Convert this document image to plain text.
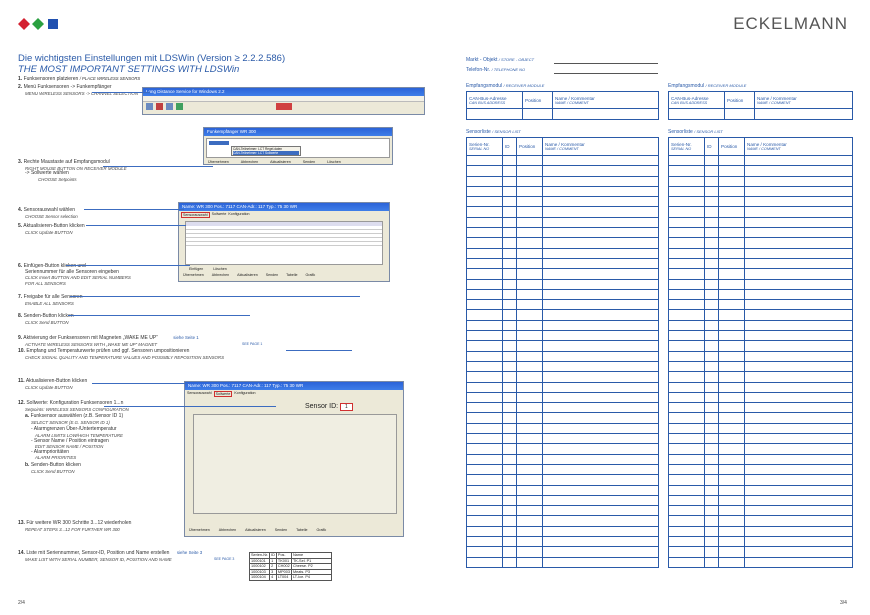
ECKELMANN
Die wichtigsten Einstellungen mit LDSWin (Version ≥ 2.2.2.586)
THE MOST IMPORTANT SETTINGS WITH LDSWin
1. Funksensoren platzieren / PLACE WIRELESS SENSORS
2. Menü Funksensoren -> Funkempfänger
MENU WIRELESS SENSORS -> CHANNEL SELECTION
3. Rechte Maustaste auf Empfangsmodul
RIGHT MOUSE BUTTON ON RECEIVER MODULE
-> Sollwerte wählen
CHOOSE Setpoints
4. Sensorauswahl wählen
CHOOSE Sensor selection
5. Aktualisieren-Button klicken
CLICK Update BUTTON
6. Einfügen-Button klicken und
Seriennummer für alle Sensoren eingeben
CLICK Insert BUTTON AND EDIT SERIAL NUMBERS
FOR ALL SENSORS
7. Freigabe für alle Sensoren
ENABLE ALL SENSORS
8. Senden-Button klicken
CLICK Send BUTTON
9. Aktivierung der Funksensoren mit Magneten „WAKE ME UP“	siehe Seite 1
ACTIVATE WIRELESS SENSORS WITH „WAKE ME UP“ MAGNET	SEE PAGE 1
10. Empfang und Temperaturwerte prüfen und ggf. Sensoren umpositionieren
CHECK SIGNAL QUALITY AND TEMPERATURE VALUES AND POSSIBLY REPOSITION SENSORS
11. Aktualisieren-Button klicken
CLICK Update BUTTON
12. Sollwerte: Konfiguration Funksensoren 1...n
Setpoints: WIRELESS SENSORS CONFIGURATION
a. Funksensor auswählen (z.B. Sensor ID 1)
SELECT SENSOR (E.G. SENSOR ID 1)
- Alarmgrenzen Über-/Untertemperatur
ALARM LIMITS LOW/HIGH TEMPERATURE
- Sensor Name / Position eintragen
EDIT SENSOR NAME / POSITION
- Alarmprioritäten
ALARM PRIORITIES
b. Senden-Button klicken
CLICK Send BUTTON
13. Für weitere WR 300 Schritte 3...12 wiederholen
REPEAT STEPS 3...12 FOR FURTHER WR 300
14. Liste mit Seriennummer, Sensor-ID, Position und Name erstellen siehe Seite 3
MAKE LIST WITH SERIAL NUMBER, SENSOR ID, POSITION AND NAME	SEE PAGE 3
Long Distance Service for Windows 2.2
Funkempfänger WR 300
CAN-Teilnehmer: LCT Regel.daten
CAN-Teilnehmer: LCT Sollwerte
Übernehmen	Abbrechen	Aktualisieren	Senden	Löschen
Name: WR 300 Pos.: 7117 CAN-Adr.: 117 Typ.: 75 30 WR
Sensorauswahl	Sollwerte Konfiguration
Einfügen	Löschen
Übernehmen Abbrechen Aktualisieren Senden Tabelle Grafik
Name: WR 300 Pos.: 7117 CAN-Adr.: 117 Typ.: 75 30 WR
Sensorauswahl	Sollwerte	Konfiguration
Sensor ID: 1
Übernehmen	Abbrechen	Aktualisieren	Senden	Tabelle	Grafik
Serien-Nr.	ID	Pos.	Name
1000101	1	TK001	TK-Sel. P1
1000102	2	CH002	Cheese. P2
1000103	3	MP003	Meats. P3
1000104	4	LT004	LT-Ice. P4
Markt - Objekt / STORE - OBJECT
Telefon-Nr. / TELEPHONE NO
Empfangsmodul / RECEIVER MODULE
CAN-Bus-Adresse
CAN BUS ADDRESS	Position	Name / Kommentar
NAME / COMMENT

Empfangsmodul / RECEIVER MODULE
CAN-Bus-Adresse
CAN BUS ADDRESS	Position	Name / Kommentar
NAME / COMMENT

Sensorliste / SENSOR LIST	Sensorliste / SENSOR LIST
Serien-Nr.
SERIAL NO	ID	Position	Name / Kommentar
NAME / COMMENT

Serien-Nr.
SERIAL NO	ID	Position	Name / Kommentar
NAME / COMMENT

2/4	3/4
